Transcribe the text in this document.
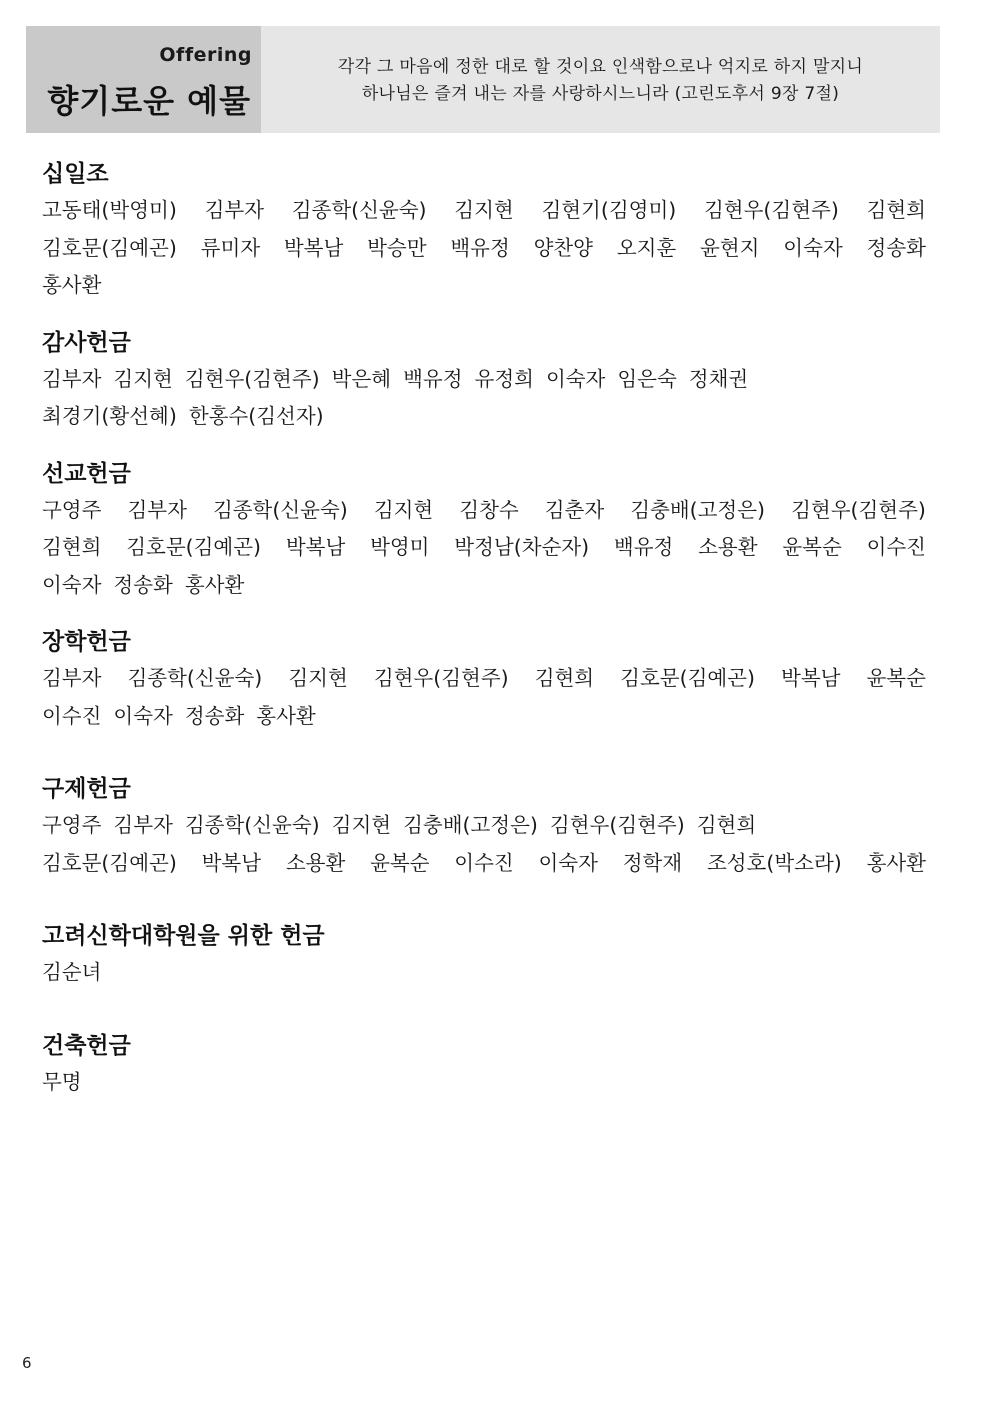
Offering
향기로운 예물
각각 그 마음에 정한 대로 할 것이요 인색함으로나 억지로 하지 말지니
하나님은 즐겨 내는 자를 사랑하시느니라 (고린도후서 9장 7절)
십일조
고동태(박영미) 김부자 김종학(신윤숙) 김지현 김현기(김영미) 김현우(김현주) 김현희
김호문(김예곤) 류미자 박복남 박승만 백유정 양찬양 오지훈 윤현지 이숙자 정송화
홍사환
감사헌금
김부자 김지현 김현우(김현주) 박은혜 백유정 유정희 이숙자 임은숙 정채권
최경기(황선혜) 한홍수(김선자)
선교헌금
구영주 김부자 김종학(신윤숙) 김지현 김창수 김춘자 김충배(고정은) 김현우(김현주)
김현희 김호문(김예곤) 박복남 박영미 박정남(차순자) 백유정 소용환 윤복순 이수진
이숙자 정송화 홍사환
장학헌금
김부자 김종학(신윤숙) 김지현 김현우(김현주) 김현희 김호문(김예곤) 박복남 윤복순
이수진 이숙자 정송화 홍사환
구제헌금
구영주 김부자 김종학(신윤숙) 김지현 김충배(고정은) 김현우(김현주) 김현희
김호문(김예곤) 박복남 소용환 윤복순 이수진 이숙자 정학재 조성호(박소라) 홍사환
고려신학대학원을 위한 헌금
김순녀
건축헌금
무명
6
